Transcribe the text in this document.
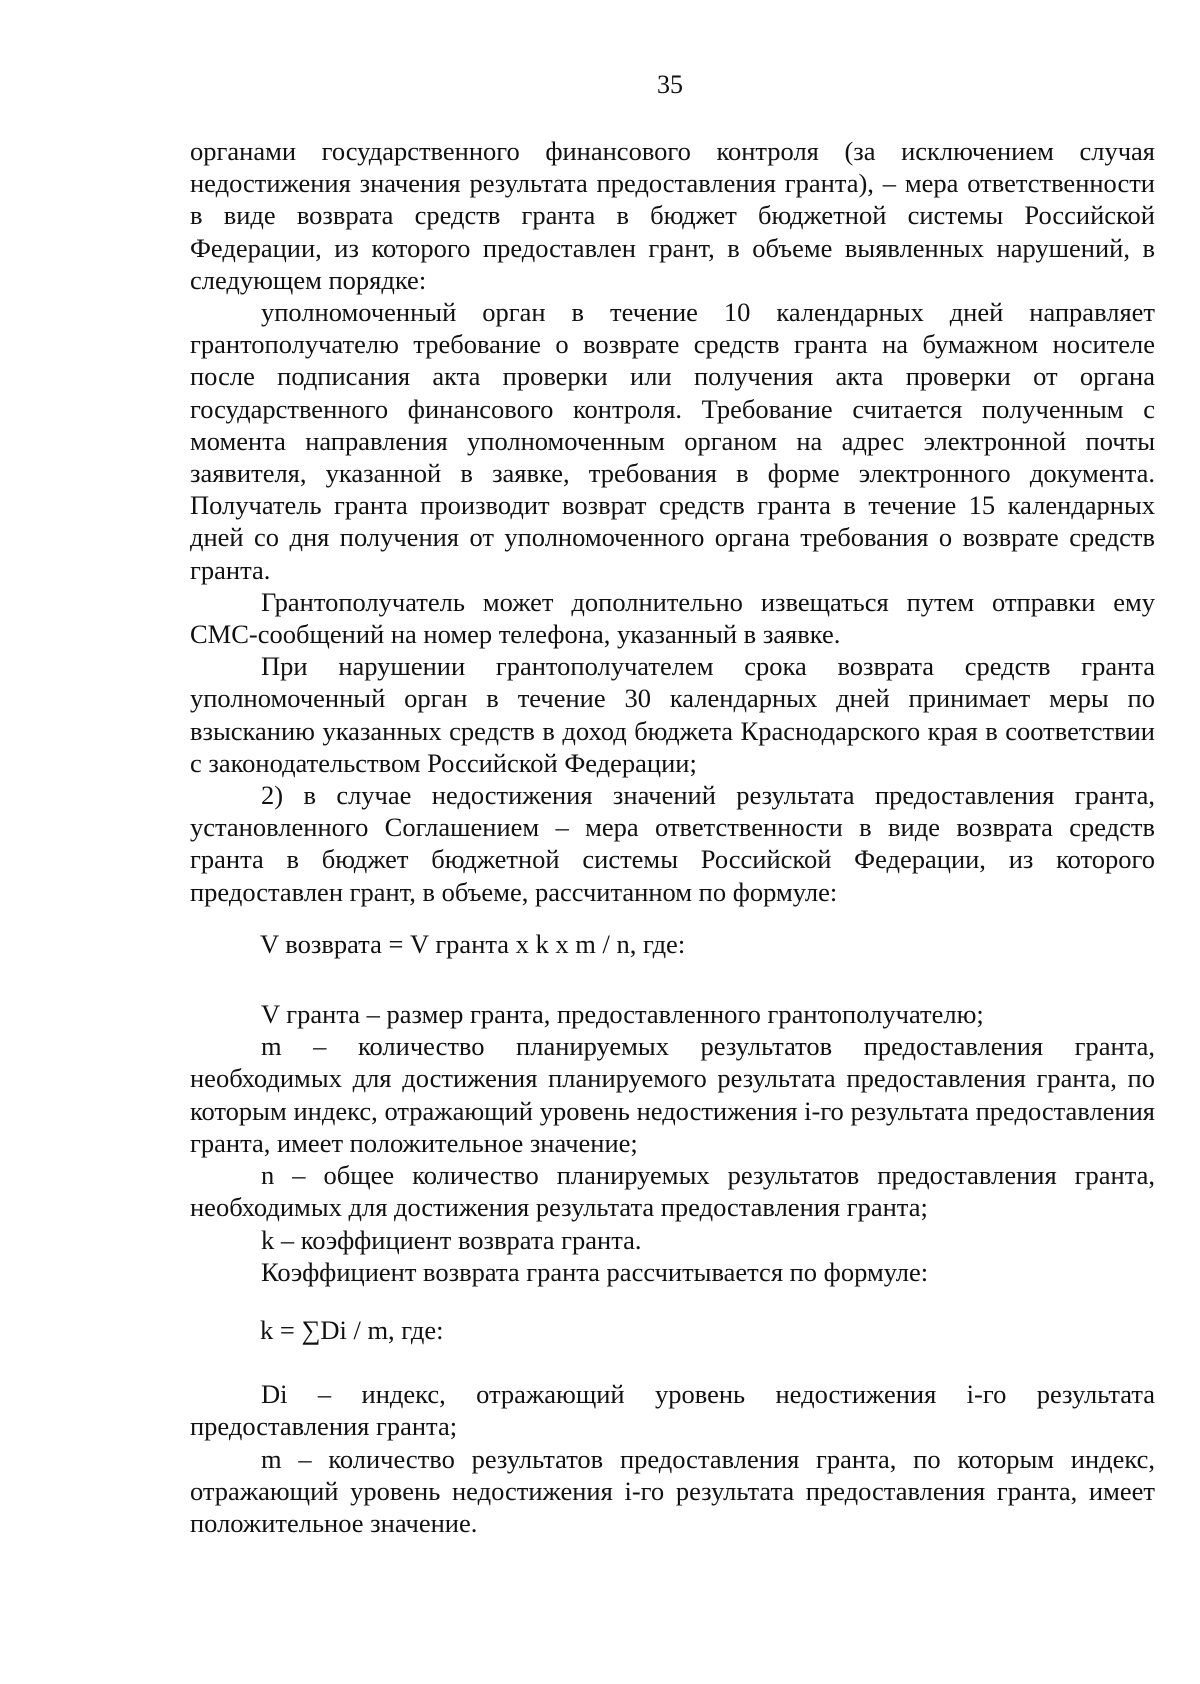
35

органами государственного финансового контроля (за исключением случая недостижения значения результата предоставления гранта), – мера ответственности в виде возврата средств гранта в бюджет бюджетной системы Российской Федерации, из которого предоставлен грант, в объеме выявленных нарушений, в следующем порядке:

уполномоченный орган в течение 10 календарных дней направляет грантополучателю требование о возврате средств гранта на бумажном носителе после подписания акта проверки или получения акта проверки от органа государственного финансового контроля. Требование считается полученным с момента направления уполномоченным органом на адрес электронной почты заявителя, указанной в заявке, требования в форме электронного документа. Получатель гранта производит возврат средств гранта в течение 15 календарных дней со дня получения от уполномоченного органа требования о возврате средств гранта.

Грантополучатель может дополнительно извещаться путем отправки ему СМС-сообщений на номер телефона, указанный в заявке.

При нарушении грантополучателем срока возврата средств гранта уполномоченный орган в течение 30 календарных дней принимает меры по взысканию указанных средств в доход бюджета Краснодарского края в соответствии с законодательством Российской Федерации;

2) в случае недостижения значений результата предоставления гранта, установленного Соглашением – мера ответственности в виде возврата средств гранта в бюджет бюджетной системы Российской Федерации, из которого предоставлен грант, в объеме, рассчитанном по формуле:

V возврата = V гранта x k x m / n, где:

V гранта – размер гранта, предоставленного грантополучателю;

m – количество планируемых результатов предоставления гранта, необходимых для достижения планируемого результата предоставления гранта, по которым индекс, отражающий уровень недостижения i-го результата предоставления гранта, имеет положительное значение;

n – общее количество планируемых результатов предоставления гранта, необходимых для достижения результата предоставления гранта;

k – коэффициент возврата гранта.

Коэффициент возврата гранта рассчитывается по формуле:

k = ∑Di / m, где:

Di – индекс, отражающий уровень недостижения i-го результата предоставления гранта;

m – количество результатов предоставления гранта, по которым индекс, отражающий уровень недостижения i-го результата предоставления гранта, имеет положительное значение.
